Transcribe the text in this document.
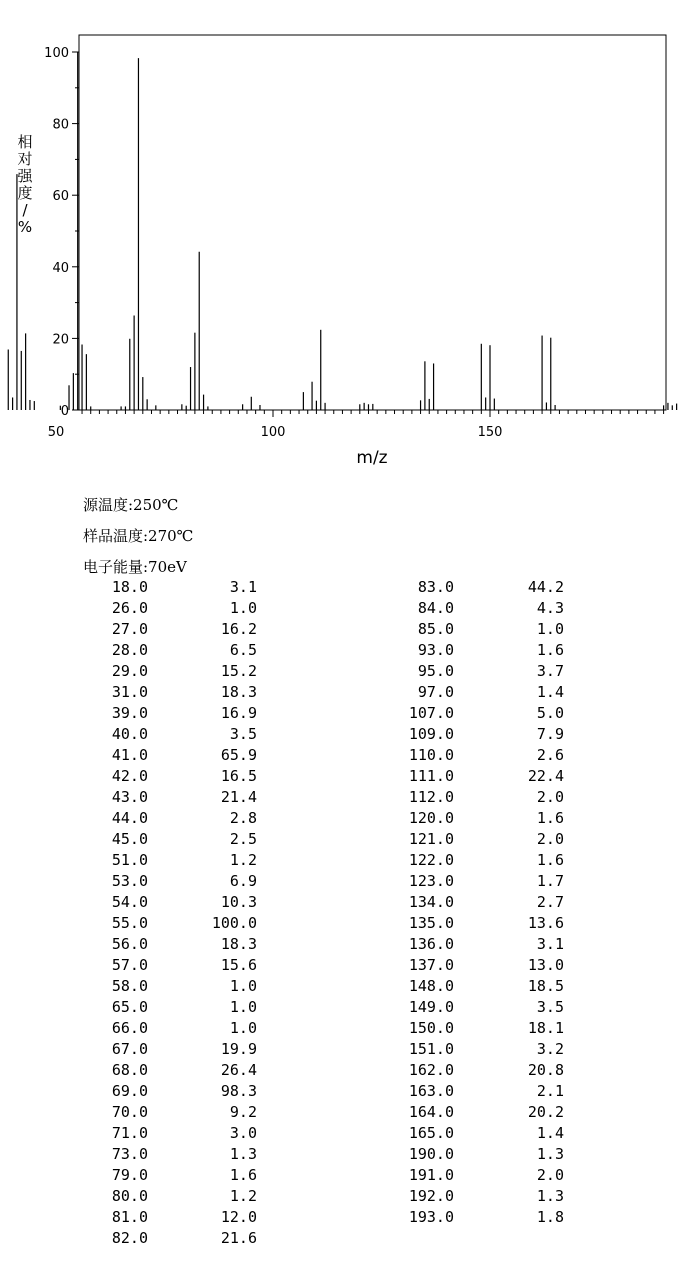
50	100	150
0
20
40
60
80
100
相对强度/ %
m/z
源温度:250℃
样品温度:270℃
电子能量:70eV
18.0	3.1
26.0	1.0
27.0	16.2
28.0	6.5
29.0	15.2
31.0	18.3
39.0	16.9
40.0	3.5
41.0	65.9
42.0	16.5
43.0	21.4
44.0	2.8
45.0	2.5
51.0	1.2
53.0	6.9
54.0	10.3
55.0	100.0
56.0	18.3
57.0	15.6
58.0	1.0
65.0	1.0
66.0	1.0
67.0	19.9
68.0	26.4
69.0	98.3
70.0	9.2
71.0	3.0
73.0	1.3
79.0	1.6
80.0	1.2
81.0	12.0
82.0	21.6
83.0	44.2
84.0	4.3
85.0	1.0
93.0	1.6
95.0	3.7
97.0	1.4
107.0	5.0
109.0	7.9
110.0	2.6
111.0	22.4
112.0	2.0
120.0	1.6
121.0	2.0
122.0	1.6
123.0	1.7
134.0	2.7
135.0	13.6
136.0	3.1
137.0	13.0
148.0	18.5
149.0	3.5
150.0	18.1
151.0	3.2
162.0	20.8
163.0	2.1
164.0	20.2
165.0	1.4
190.0	1.3
191.0	2.0
192.0	1.3
193.0	1.8
